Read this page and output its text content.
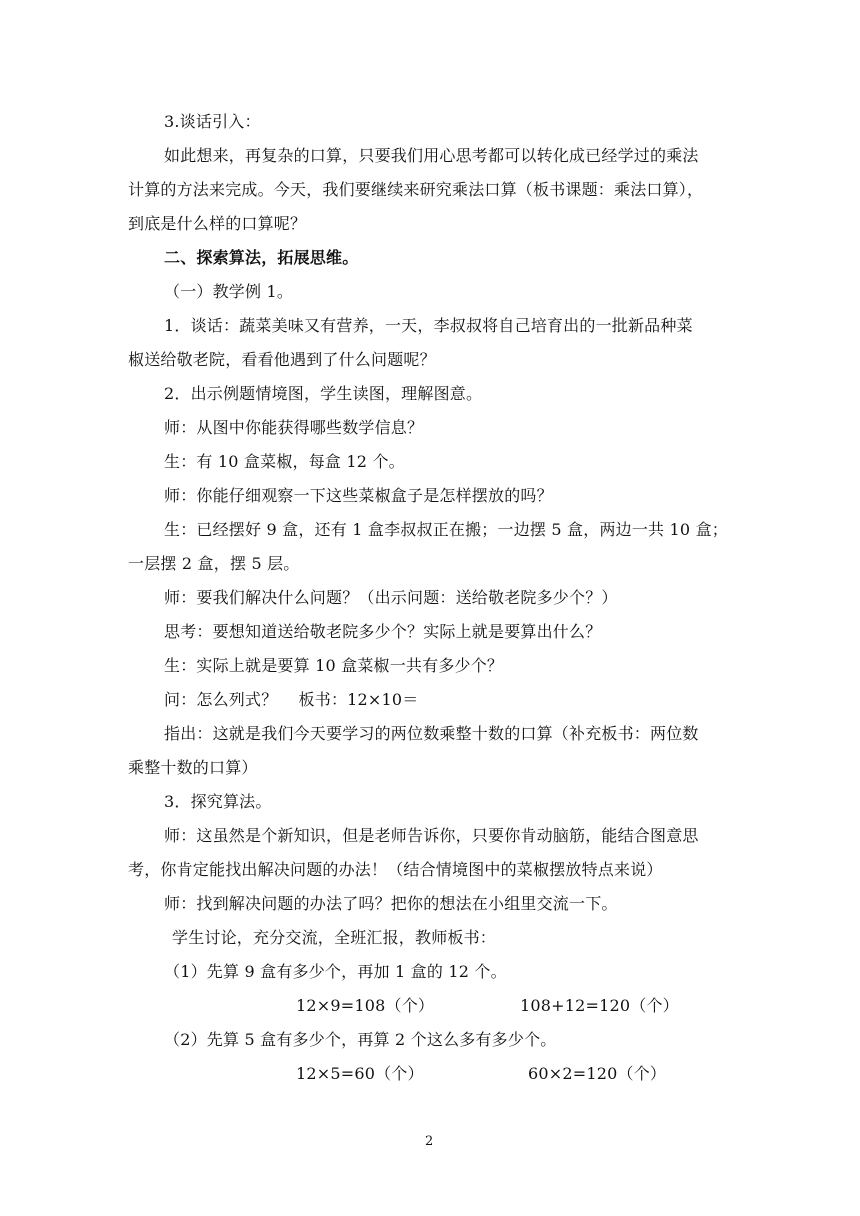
3.谈话引入：
如此想来，再复杂的口算，只要我们用心思考都可以转化成已经学过的乘法
计算的方法来完成。今天，我们要继续来研究乘法口算（板书课题：乘法口算），
到底是什么样的口算呢？
二、探索算法，拓展思维。
（一）教学例 1。
1．谈话：蔬菜美味又有营养，一天，李叔叔将自己培育出的一批新品种菜
椒送给敬老院，看看他遇到了什么问题呢？
2．出示例题情境图，学生读图，理解图意。
师：从图中你能获得哪些数学信息？
生：有 10 盒菜椒，每盒 12 个。
师：你能仔细观察一下这些菜椒盒子是怎样摆放的吗？
生：已经摆好 9 盒，还有 1 盒李叔叔正在搬；一边摆 5 盒，两边一共 10 盒；
一层摆 2 盒，摆 5 层。
师：要我们解决什么问题？（出示问题：送给敬老院多少个？）
思考：要想知道送给敬老院多少个？实际上就是要算出什么？
生：实际上就是要算 10 盒菜椒一共有多少个？
问：怎么列式？    板书：12×10＝
指出：这就是我们今天要学习的两位数乘整十数的口算（补充板书：两位数
乘整十数的口算）
3．探究算法。
师：这虽然是个新知识，但是老师告诉你，只要你肯动脑筋，能结合图意思
考，你肯定能找出解决问题的办法！（结合情境图中的菜椒摆放特点来说）
师：找到解决问题的办法了吗？把你的想法在小组里交流一下。
学生讨论，充分交流，全班汇报，教师板书：
（1）先算 9 盒有多少个，再加 1 盒的 12 个。
12×9=108（个）	108+12=120（个）
（2）先算 5 盒有多少个，再算 2 个这么多有多少个。
12×5=60（个）	60×2=120（个）
2
